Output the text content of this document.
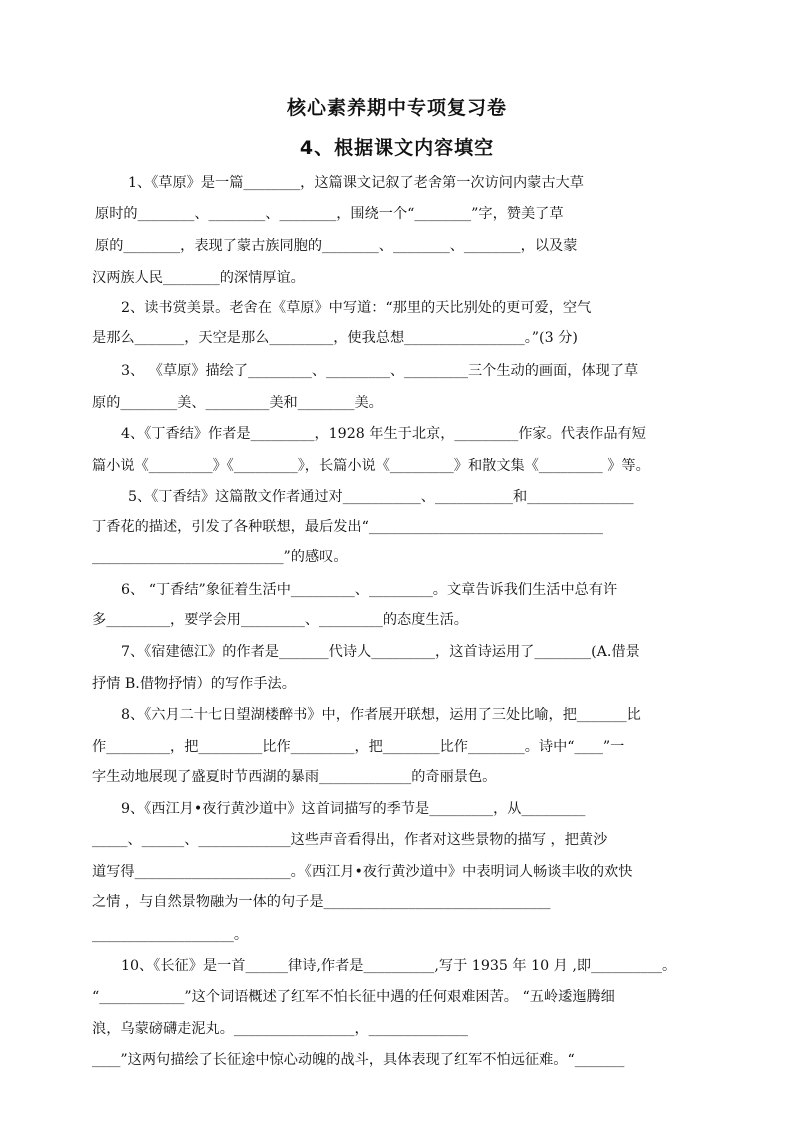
核心素养期中专项复习卷
4、根据课文内容填空
1、《草原》是一篇________，这篇课文记叙了老舍第一次访问内蒙古大草
原时的________、________、________，围绕一个“________”字，赞美了草
原的________，表现了蒙古族同胞的________、________、________，以及蒙
汉两族人民________的深情厚谊。
2、读书赏美景。老舍在《草原》中写道：“那里的天比别处的更可爱，空气
是那么_______，天空是那么_________，使我总想_________________。”(3 分)
3、 《草原》描绘了_________、_________、_________三个生动的画面，体现了草
原的________美、_________美和________美。
4、《丁香结》作者是_________，1928 年生于北京，_________作家。代表作品有短
篇小说《_________》《_________》，长篇小说《_________》和散文集《_________ 》等。
5、《丁香结》这篇散文作者通过对___________、___________和_______________
丁香花的描述，引发了各种联想，最后发出“_________________________________
___________________________”的感叹。
6、 “丁香结”象征着生活中_________、_________。文章告诉我们生活中总有许
多_________，要学会用_________、_________的态度生活。
7、《宿建德江》的作者是_______代诗人_________，这首诗运用了________(A.借景
抒情 B.借物抒情）的写作手法。
8、《六月二十七日望湖楼醉书》中，作者展开联想，运用了三处比喻，把_______比
作_________，把_________比作_________，把________比作________。诗中“____”一
字生动地展现了盛夏时节西湖的暴雨_____________的奇丽景色。
9、《西江月•夜行黄沙道中》这首词描写的季节是_________，从_________
_____、______、_____________这些声音看得出，作者对这些景物的描写 ，把黄沙
道写得______________________。《西江月•夜行黄沙道中》中表明词人畅谈丰收的欢快
之情 ，与自然景物融为一体的句子是________________________________
____________________。
10、《长征》是一首______律诗,作者是__________,写于 1935 年 10 月 ,即__________。
“____________”这个词语概述了红军不怕长征中遇的任何艰难困苦。 “五岭逶迤腾细
浪，乌蒙磅礴走泥丸。_________________，______________
____”这两句描绘了长征途中惊心动魄的战斗，具体表现了红军不怕远征难。“_______
